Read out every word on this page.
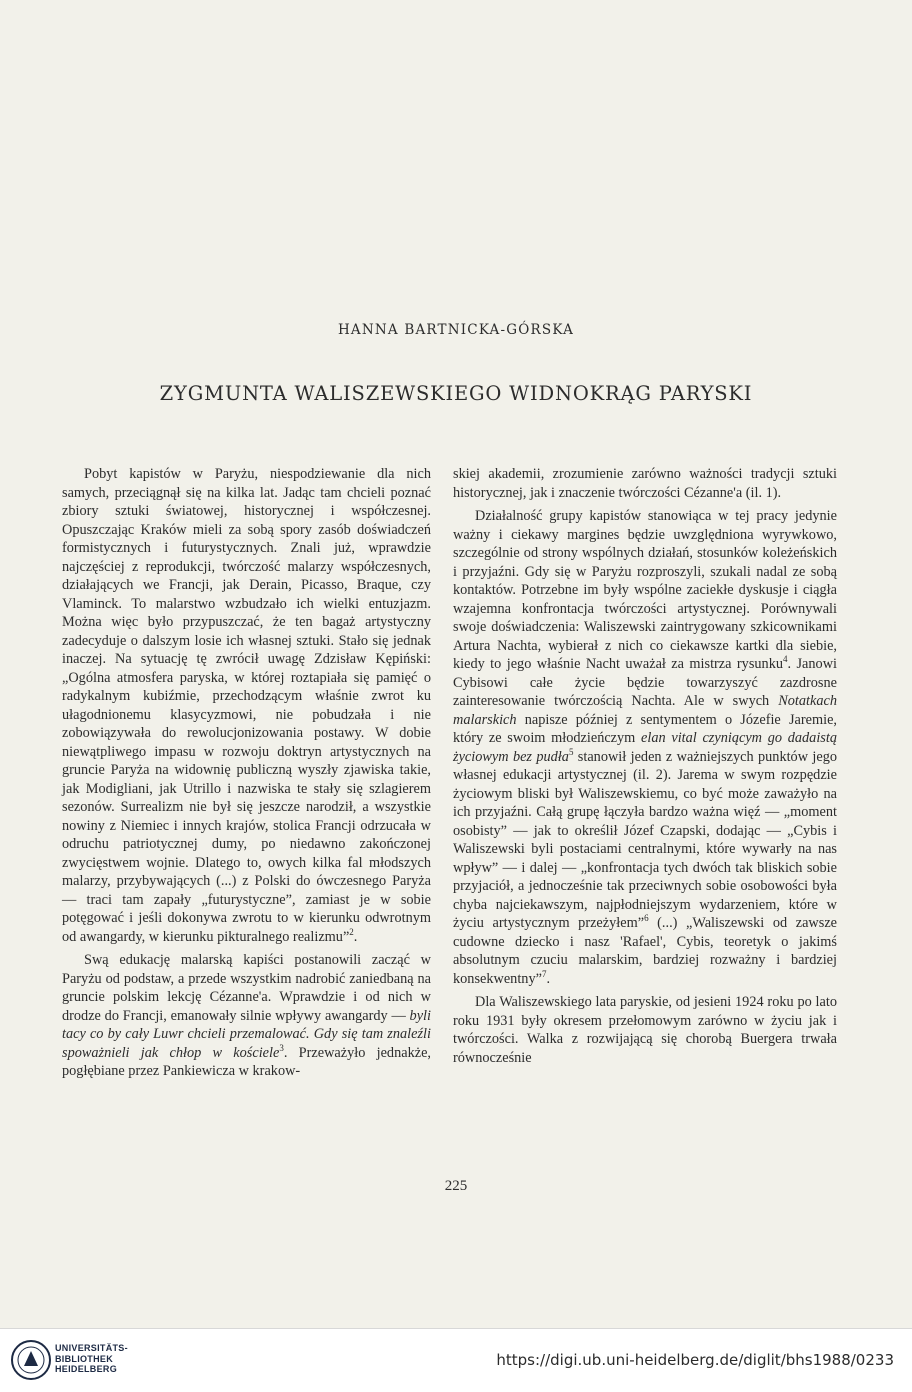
HANNA BARTNICKA-GÓRSKA
ZYGMUNTA WALISZEWSKIEGO WIDNOKRĄG PARYSKI

Pobyt kapistów w Paryżu, niespodziewanie dla nich samych, przeciągnął się na kilka lat. Jadąc tam chcieli poznać zbiory sztuki światowej, historycznej i współczesnej. Opuszczając Kraków mieli za sobą spory zasób doświadczeń formistycznych i futurystycznych. Znali już, wprawdzie najczęściej z reprodukcji, twórczość malarzy współczesnych, działających we Francji, jak Derain, Picasso, Braque, czy Vlaminck. To malarstwo wzbudzało ich wielki entuzjazm. Można więc było przypuszczać, że ten bagaż artystyczny zadecyduje o dalszym losie ich własnej sztuki. Stało się jednak inaczej. Na sytuację tę zwrócił uwagę Zdzisław Kępiński: „Ogólna atmosfera paryska, w której roztapiała się pamięć o radykalnym kubiźmie, przechodzącym właśnie zwrot ku ułagodnionemu klasycyzmowi, nie pobudzała i nie zobowiązywała do rewolucjonizowania postawy. W dobie niewątpliwego impasu w rozwoju doktryn artystycznych na gruncie Paryża na widownię publiczną wyszły zjawiska takie, jak Modigliani, jak Utrillo i nazwiska te stały się szlagierem sezonów. Surrealizm nie był się jeszcze narodził, a wszystkie nowiny z Niemiec i innych krajów, stolica Francji odrzucała w odruchu patriotycznej dumy, po niedawno zakończonej zwycięstwem wojnie. Dlatego to, owych kilka fal młodszych malarzy, przybywających (...) z Polski do ówczesnego Paryża — traci tam zapały „futurystyczne”, zamiast je w sobie potęgować i jeśli dokonywa zwrotu to w kierunku odwrotnym od awangardy, w kierunku pikturalnego realizmu”$^2$.

Swą edukację malarską kapiści postanowili zacząć w Paryżu od podstaw, a przede wszystkim nadrobić zaniedbaną na gruncie polskim lekcję Cézanne'a. Wprawdzie i od nich w drodze do Francji, emanowały silnie wpływy awangardy — byli tacy co by cały Luwr chcieli przemalować. Gdy się tam znaleźli spoważnieli jak chłop w kościele$^3$. Przeważyło jednakże, pogłębiane przez Pankiewicza w krakow-

skiej akademii, zrozumienie zarówno ważności tradycji sztuki historycznej, jak i znaczenie twórczości Cézanne'a (il. 1).

Działalność grupy kapistów stanowiąca w tej pracy jedynie ważny i ciekawy margines będzie uwzględniona wyrywkowo, szczególnie od strony wspólnych działań, stosunków koleżeńskich i przyjaźni. Gdy się w Paryżu rozproszyli, szukali nadal ze sobą kontaktów. Potrzebne im były wspólne zaciekłe dyskusje i ciągła wzajemna konfrontacja twórczości artystycznej. Porównywali swoje doświadczenia: Waliszewski zaintrygowany szkicownikami Artura Nachta, wybierał z nich co ciekawsze kartki dla siebie, kiedy to jego właśnie Nacht uważał za mistrza rysunku$^4$. Janowi Cybisowi całe życie będzie towarzyszyć zazdrosne zainteresowanie twórczością Nachta. Ale w swych Notatkach malarskich napisze później z sentymentem o Józefie Jaremie, który ze swoim młodzieńczym elan vital czyniącym go dadaistą życiowym bez pudła$^5$ stanowił jeden z ważniejszych punktów jego własnej edukacji artystycznej (il. 2). Jarema w swym rozpędzie życiowym bliski był Waliszewskiemu, co być może zaważyło na ich przyjaźni. Całą grupę łączyła bardzo ważna więź — „moment osobisty” — jak to określił Józef Czapski, dodając — „Cybis i Waliszewski byli postaciami centralnymi, które wywarły na nas wpływ” — i dalej — „konfrontacja tych dwóch tak bliskich sobie przyjaciół, a jednocześnie tak przeciwnych sobie osobowości była chyba najciekawszym, najpłodniejszym wydarzeniem, które w życiu artystycznym przeżyłem”$^6$ (...) „Waliszewski od zawsze cudowne dziecko i nasz 'Rafael', Cybis, teoretyk o jakimś absolutnym czuciu malarskim, bardziej rozważny i bardziej konsekwentny”$^7$.

Dla Waliszewskiego lata paryskie, od jesieni 1924 roku po lato roku 1931 były okresem przełomowym zarówno w życiu jak i twórczości. Walka z rozwijającą się chorobą Buergera trwała równocześnie

225
UNIVERSITÄTS-
BIBLIOTHEK
HEIDELBERG	https://digi.ub.uni-heidelberg.de/diglit/bhs1988/0233
